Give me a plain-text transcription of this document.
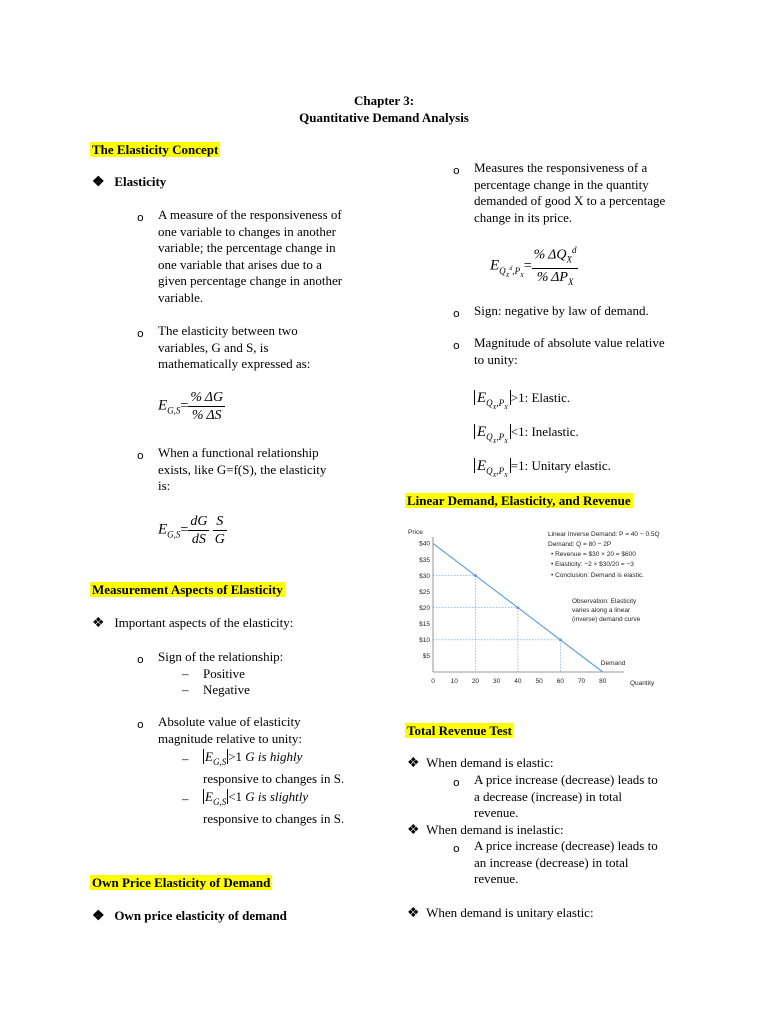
Chapter 3:
Quantitative Demand Analysis
The Elasticity Concept
❖ Elasticity
o A measure of the responsiveness of
one variable to changes in another
variable; the percentage change in
one variable that arises due to a
given percentage change in another
variable.
o The elasticity between two
variables, G and S, is
mathematically expressed as:
$E_{G,S}= \frac{\% \Delta G}{\% \Delta S}$
o When a functional relationship
exists, like G=f(S), the elasticity
is:
$E_{G,S}= \frac{dG}{dS}$
$\frac{S}{G}$
Measurement Aspects of Elasticity
❖ Important aspects of the elasticity:
o Sign of the relationship:
– Positive
– Negative
o Absolute value of elasticity
magnitude relative to unity:
– $E_{G,S} >1$ G is highly
responsive to changes in S.
– $E_{G,S} <1$ G is slightly
responsive to changes in S.
Own Price Elasticity of Demand
❖ Own price elasticity of demand
o Measures the responsiveness of a
percentage change in the quantity
demanded of good X to a percentage
change in its price.
$E_{Q_X^d,P_X}= \frac{\% \Delta Q_X^d}{\% \Delta P_X}$
o Sign: negative by law of demand.
o Magnitude of absolute value relative
to unity:
$E_{Q_X,P_X}>1$: Elastic.
$E_{Q_X,P_X}<1$: Inelastic.
$E_{Q_X,P_X}=1$: Unitary elastic.
Linear Demand, Elasticity, and Revenue
Price
Quantity
$5
$10
$15
$20
$25
$30
$35
$40
0 10 20 30 40 50 60 70 80
Demand
Linear Inverse Demand: P = 40 − 0.5Q
Demand: Q = 80 − 2P
• Revenue = $30 × 20 = $600
• Elasticity: −2 × $30/20 = −3
• Conclusion: Demand is elastic.
Observation: Elasticity
varies along a linear
(inverse) demand curve
Total Revenue Test
❖ When demand is elastic:
o A price increase (decrease) leads to
a decrease (increase) in total
revenue.
❖ When demand is inelastic:
o A price increase (decrease) leads to
an increase (decrease) in total
revenue.
❖ When demand is unitary elastic:
